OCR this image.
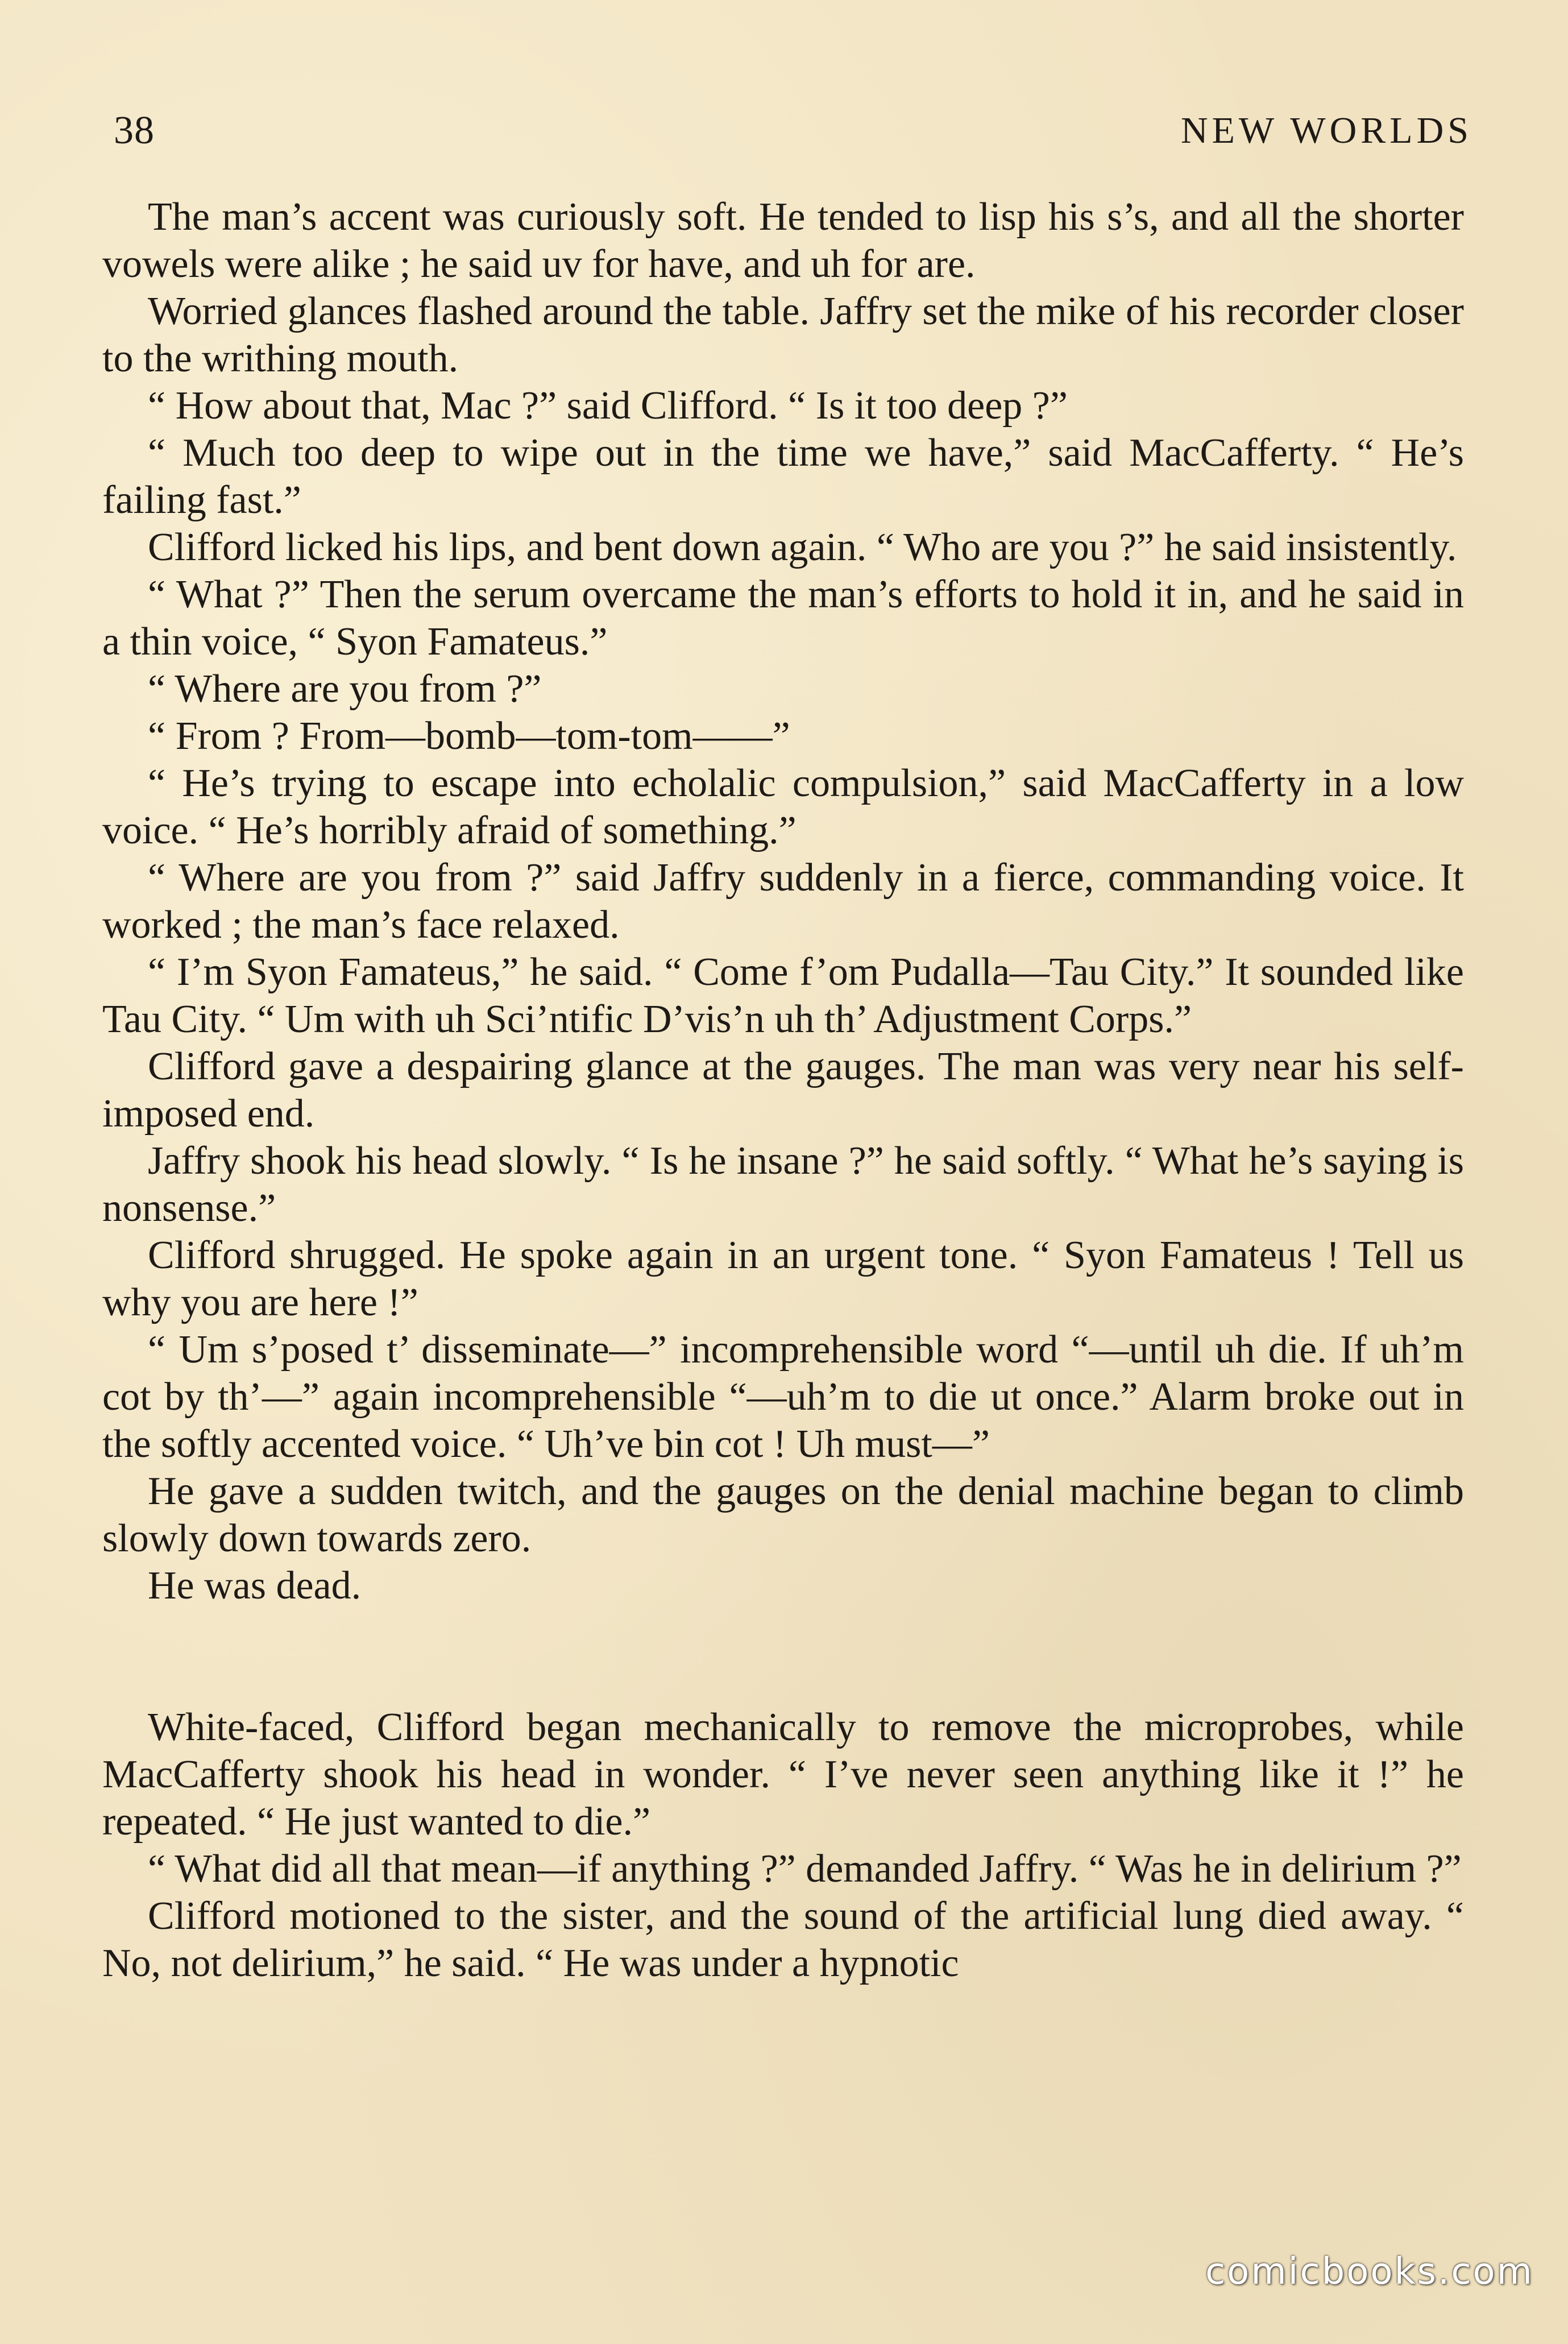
38	NEW WORLDS

The man’s accent was curiously soft. He tended to lisp his s’s, and all the shorter vowels were alike ; he said uv for have, and uh for are.

Worried glances flashed around the table. Jaffry set the mike of his recorder closer to the writhing mouth.

“ How about that, Mac ?” said Clifford. “ Is it too deep ?”

“ Much too deep to wipe out in the time we have,” said MacCafferty. “ He’s failing fast.”

Clifford licked his lips, and bent down again. “ Who are you ?” he said insistently.

“ What ?” Then the serum overcame the man’s efforts to hold it in, and he said in a thin voice, “ Syon Famateus.”

“ Where are you from ?”

“ From ? From—bomb—tom-tom——”

“ He’s trying to escape into echolalic compulsion,” said MacCafferty in a low voice. “ He’s horribly afraid of something.”

“ Where are you from ?” said Jaffry suddenly in a fierce, commanding voice. It worked ; the man’s face relaxed.

“ I’m Syon Famateus,” he said. “ Come f’om Pudalla—Tau City.” It sounded like Tau City. “ Um with uh Sci’ntific D’vis’n uh th’ Adjustment Corps.”

Clifford gave a despairing glance at the gauges. The man was very near his self-imposed end.

Jaffry shook his head slowly. “ Is he insane ?” he said softly. “ What he’s saying is nonsense.”

Clifford shrugged. He spoke again in an urgent tone. “ Syon Famateus ! Tell us why you are here !”

“ Um s’posed t’ disseminate—” incomprehensible word “—until uh die. If uh’m cot by th’—” again incomprehensible “—uh’m to die ut once.” Alarm broke out in the softly accented voice. “ Uh’ve bin cot ! Uh must—”

He gave a sudden twitch, and the gauges on the denial machine began to climb slowly down towards zero.

He was dead.

White-faced, Clifford began mechanically to remove the microprobes, while MacCafferty shook his head in wonder. “ I’ve never seen anything like it !” he repeated. “ He just wanted to die.”

“ What did all that mean—if anything ?” demanded Jaffry. “ Was he in delirium ?”

Clifford motioned to the sister, and the sound of the artificial lung died away. “ No, not delirium,” he said. “ He was under a hypnotic

comicbooks.com
